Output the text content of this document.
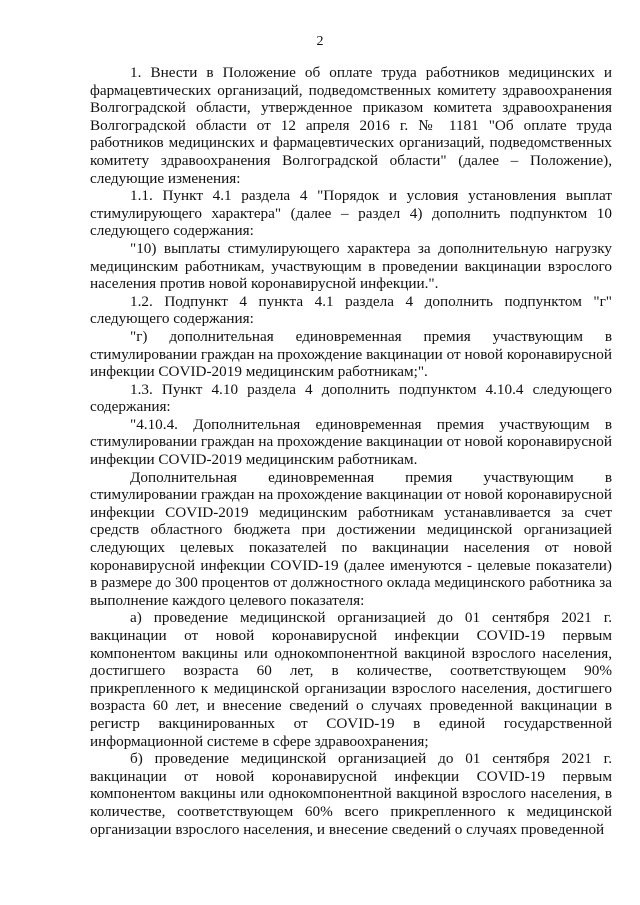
2

1. Внести в Положение об оплате труда работников медицинских и фармацевтических организаций, подведомственных комитету здравоохранения Волгоградской области, утвержденное приказом комитета здравоохранения Волгоградской области от 12 апреля 2016 г. № 1181 "Об оплате труда работников медицинских и фармацевтических организаций, подведомственных комитету здравоохранения Волгоградской области" (далее – Положение), следующие изменения:

1.1. Пункт 4.1 раздела 4 "Порядок и условия установления выплат стимулирующего характера" (далее – раздел 4) дополнить подпунктом 10 следующего содержания:

"10) выплаты стимулирующего характера за дополнительную нагрузку медицинским работникам, участвующим в проведении вакцинации взрослого населения против новой коронавирусной инфекции.".

1.2. Подпункт 4 пункта 4.1 раздела 4 дополнить подпунктом "г" следующего содержания:

"г) дополнительная единовременная премия участвующим в стимулировании граждан на прохождение вакцинации от новой коронавирусной инфекции COVID-2019 медицинским работникам;".

1.3. Пункт 4.10 раздела 4 дополнить подпунктом 4.10.4 следующего содержания:

"4.10.4. Дополнительная единовременная премия участвующим в стимулировании граждан на прохождение вакцинации от новой коронавирусной инфекции COVID-2019 медицинским работникам.

Дополнительная единовременная премия участвующим в стимулировании граждан на прохождение вакцинации от новой коронавирусной инфекции COVID-2019 медицинским работникам устанавливается за счет средств областного бюджета при достижении медицинской организацией следующих целевых показателей по вакцинации населения от новой коронавирусной инфекции COVID-19 (далее именуются - целевые показатели) в размере до 300 процентов от должностного оклада медицинского работника за выполнение каждого целевого показателя:

а) проведение медицинской организацией до 01 сентября 2021 г. вакцинации от новой коронавирусной инфекции COVID-19 первым компонентом вакцины или однокомпонентной вакциной взрослого населения, достигшего возраста 60 лет, в количестве, соответствующем 90% прикрепленного к медицинской организации взрослого населения, достигшего возраста 60 лет, и внесение сведений о случаях проведенной вакцинации в регистр вакцинированных от COVID-19 в единой государственной информационной системе в сфере здравоохранения;

б) проведение медицинской организацией до 01 сентября 2021 г. вакцинации от новой коронавирусной инфекции COVID-19 первым компонентом вакцины или однокомпонентной вакциной взрослого населения, в количестве, соответствующем 60% всего прикрепленного к медицинской организации взрослого населения, и внесение сведений о случаях проведенной
